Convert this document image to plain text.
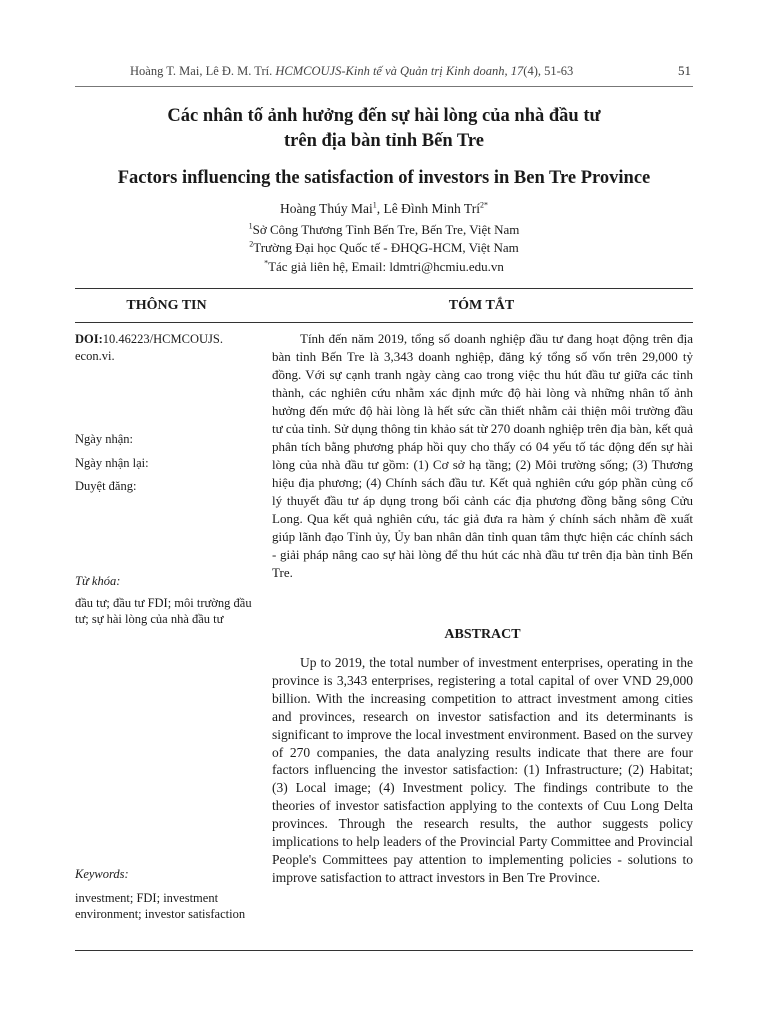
Hoàng T. Mai, Lê Đ. M. Trí. HCMCOUJS-Kinh tế và Quản trị Kinh doanh, 17(4), 51-63	51
Các nhân tố ảnh hưởng đến sự hài lòng của nhà đầu tư
trên địa bàn tỉnh Bến Tre
Factors influencing the satisfaction of investors in Ben Tre Province
Hoàng Thúy Mai$^1$, Lê Đình Minh Trí$^{2*}$
$^1$Sở Công Thương Tỉnh Bến Tre, Bến Tre, Việt Nam
$^2$Trường Đại học Quốc tế - ĐHQG-HCM, Việt Nam
*Tác giả liên hệ, Email: ldmtri@hcmiu.edu.vn
THÔNG TIN	TÓM TẮT
DOI:10.46223/HCMCOUJS. econ.vi.
Ngày nhận:
Ngày nhận lại:
Duyệt đăng:
Từ khóa:
đầu tư; đầu tư FDI; môi trường đầu tư; sự hài lòng của nhà đầu tư
Keywords:
investment; FDI; investment environment; investor satisfaction
Tính đến năm 2019, tổng số doanh nghiệp đầu tư đang hoạt động trên địa bàn tỉnh Bến Tre là 3,343 doanh nghiệp, đăng ký tổng số vốn trên 29,000 tỷ đồng. Với sự cạnh tranh ngày càng cao trong việc thu hút đầu tư giữa các tỉnh thành, các nghiên cứu nhằm xác định mức độ hài lòng và những nhân tố ảnh hưởng đến mức độ hài lòng là hết sức cần thiết nhằm cải thiện môi trường đầu tư của tỉnh. Sử dụng thông tin khảo sát từ 270 doanh nghiệp trên địa bàn, kết quả phân tích bằng phương pháp hồi quy cho thấy có 04 yếu tố tác động đến sự hài lòng của nhà đầu tư gồm: (1) Cơ sở hạ tầng; (2) Môi trường sống; (3) Thương hiệu địa phương; (4) Chính sách đầu tư. Kết quả nghiên cứu góp phần củng cố lý thuyết đầu tư áp dụng trong bối cảnh các địa phương đồng bằng sông Cửu Long. Qua kết quả nghiên cứu, tác giả đưa ra hàm ý chính sách nhằm đề xuất giúp lãnh đạo Tỉnh ủy, Ủy ban nhân dân tỉnh quan tâm thực hiện các chính sách - giải pháp nâng cao sự hài lòng để thu hút các nhà đầu tư trên địa bàn tỉnh Bến Tre.
ABSTRACT
Up to 2019, the total number of investment enterprises, operating in the province is 3,343 enterprises, registering a total capital of over VND 29,000 billion. With the increasing competition to attract investment among cities and provinces, research on investor satisfaction and its determinants is significant to improve the local investment environment. Based on the survey of 270 companies, the data analyzing results indicate that there are four factors influencing the investor satisfaction: (1) Infrastructure; (2) Habitat; (3) Local image; (4) Investment policy. The findings contribute to the theories of investor satisfaction applying to the contexts of Cuu Long Delta provinces. Through the research results, the author suggests policy implications to help leaders of the Provincial Party Committee and Provincial People's Committees pay attention to implementing policies - solutions to improve satisfaction to attract investors in Ben Tre Province.
